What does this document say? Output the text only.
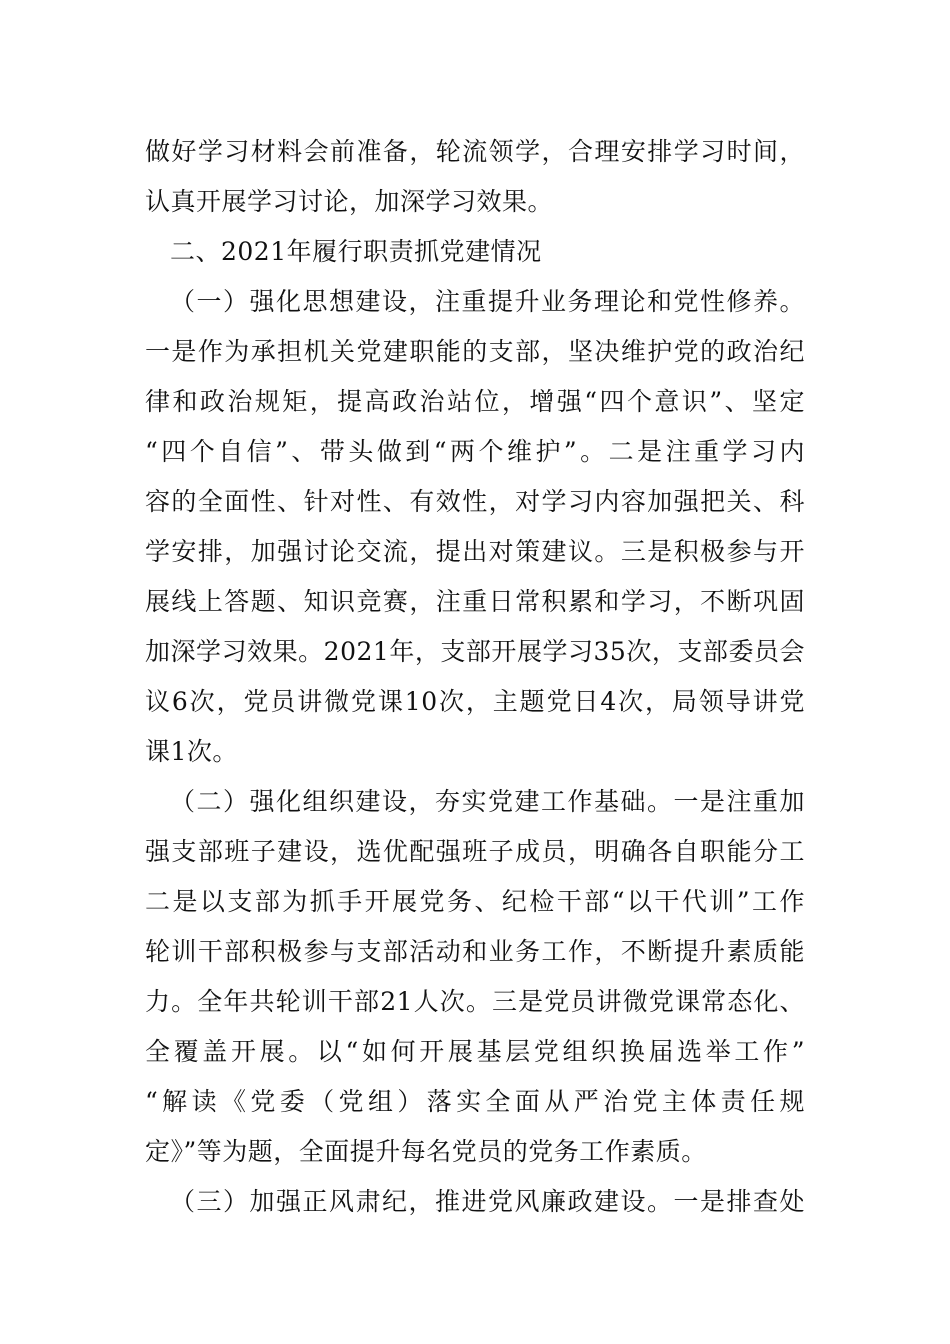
做好学习材料会前准备，轮流领学，合理安排学习时间，
认真开展学习讨论，加深学习效果。
二、2021年履行职责抓党建情况
（一）强化思想建设，注重提升业务理论和党性修养。
一是作为承担机关党建职能的支部，坚决维护党的政治纪
律和政治规矩，提高政治站位，增强“四个意识”、坚定
“四个自信”、带头做到“两个维护”。二是注重学习内
容的全面性、针对性、有效性，对学习内容加强把关、科
学安排，加强讨论交流，提出对策建议。三是积极参与开
展线上答题、知识竞赛，注重日常积累和学习，不断巩固
加深学习效果。2021年，支部开展学习35次，支部委员会
议6次，党员讲微党课10次，主题党日4次，局领导讲党
课1次。
（二）强化组织建设，夯实党建工作基础。一是注重加
强支部班子建设，选优配强班子成员，明确各自职能分工
二是以支部为抓手开展党务、纪检干部“以干代训”工作
轮训干部积极参与支部活动和业务工作，不断提升素质能
力。全年共轮训干部21人次。三是党员讲微党课常态化、
全覆盖开展。以“如何开展基层党组织换届选举工作”
“解读《党委（党组）落实全面从严治党主体责任规
定》”等为题，全面提升每名党员的党务工作素质。
（三）加强正风肃纪，推进党风廉政建设。一是排查处
